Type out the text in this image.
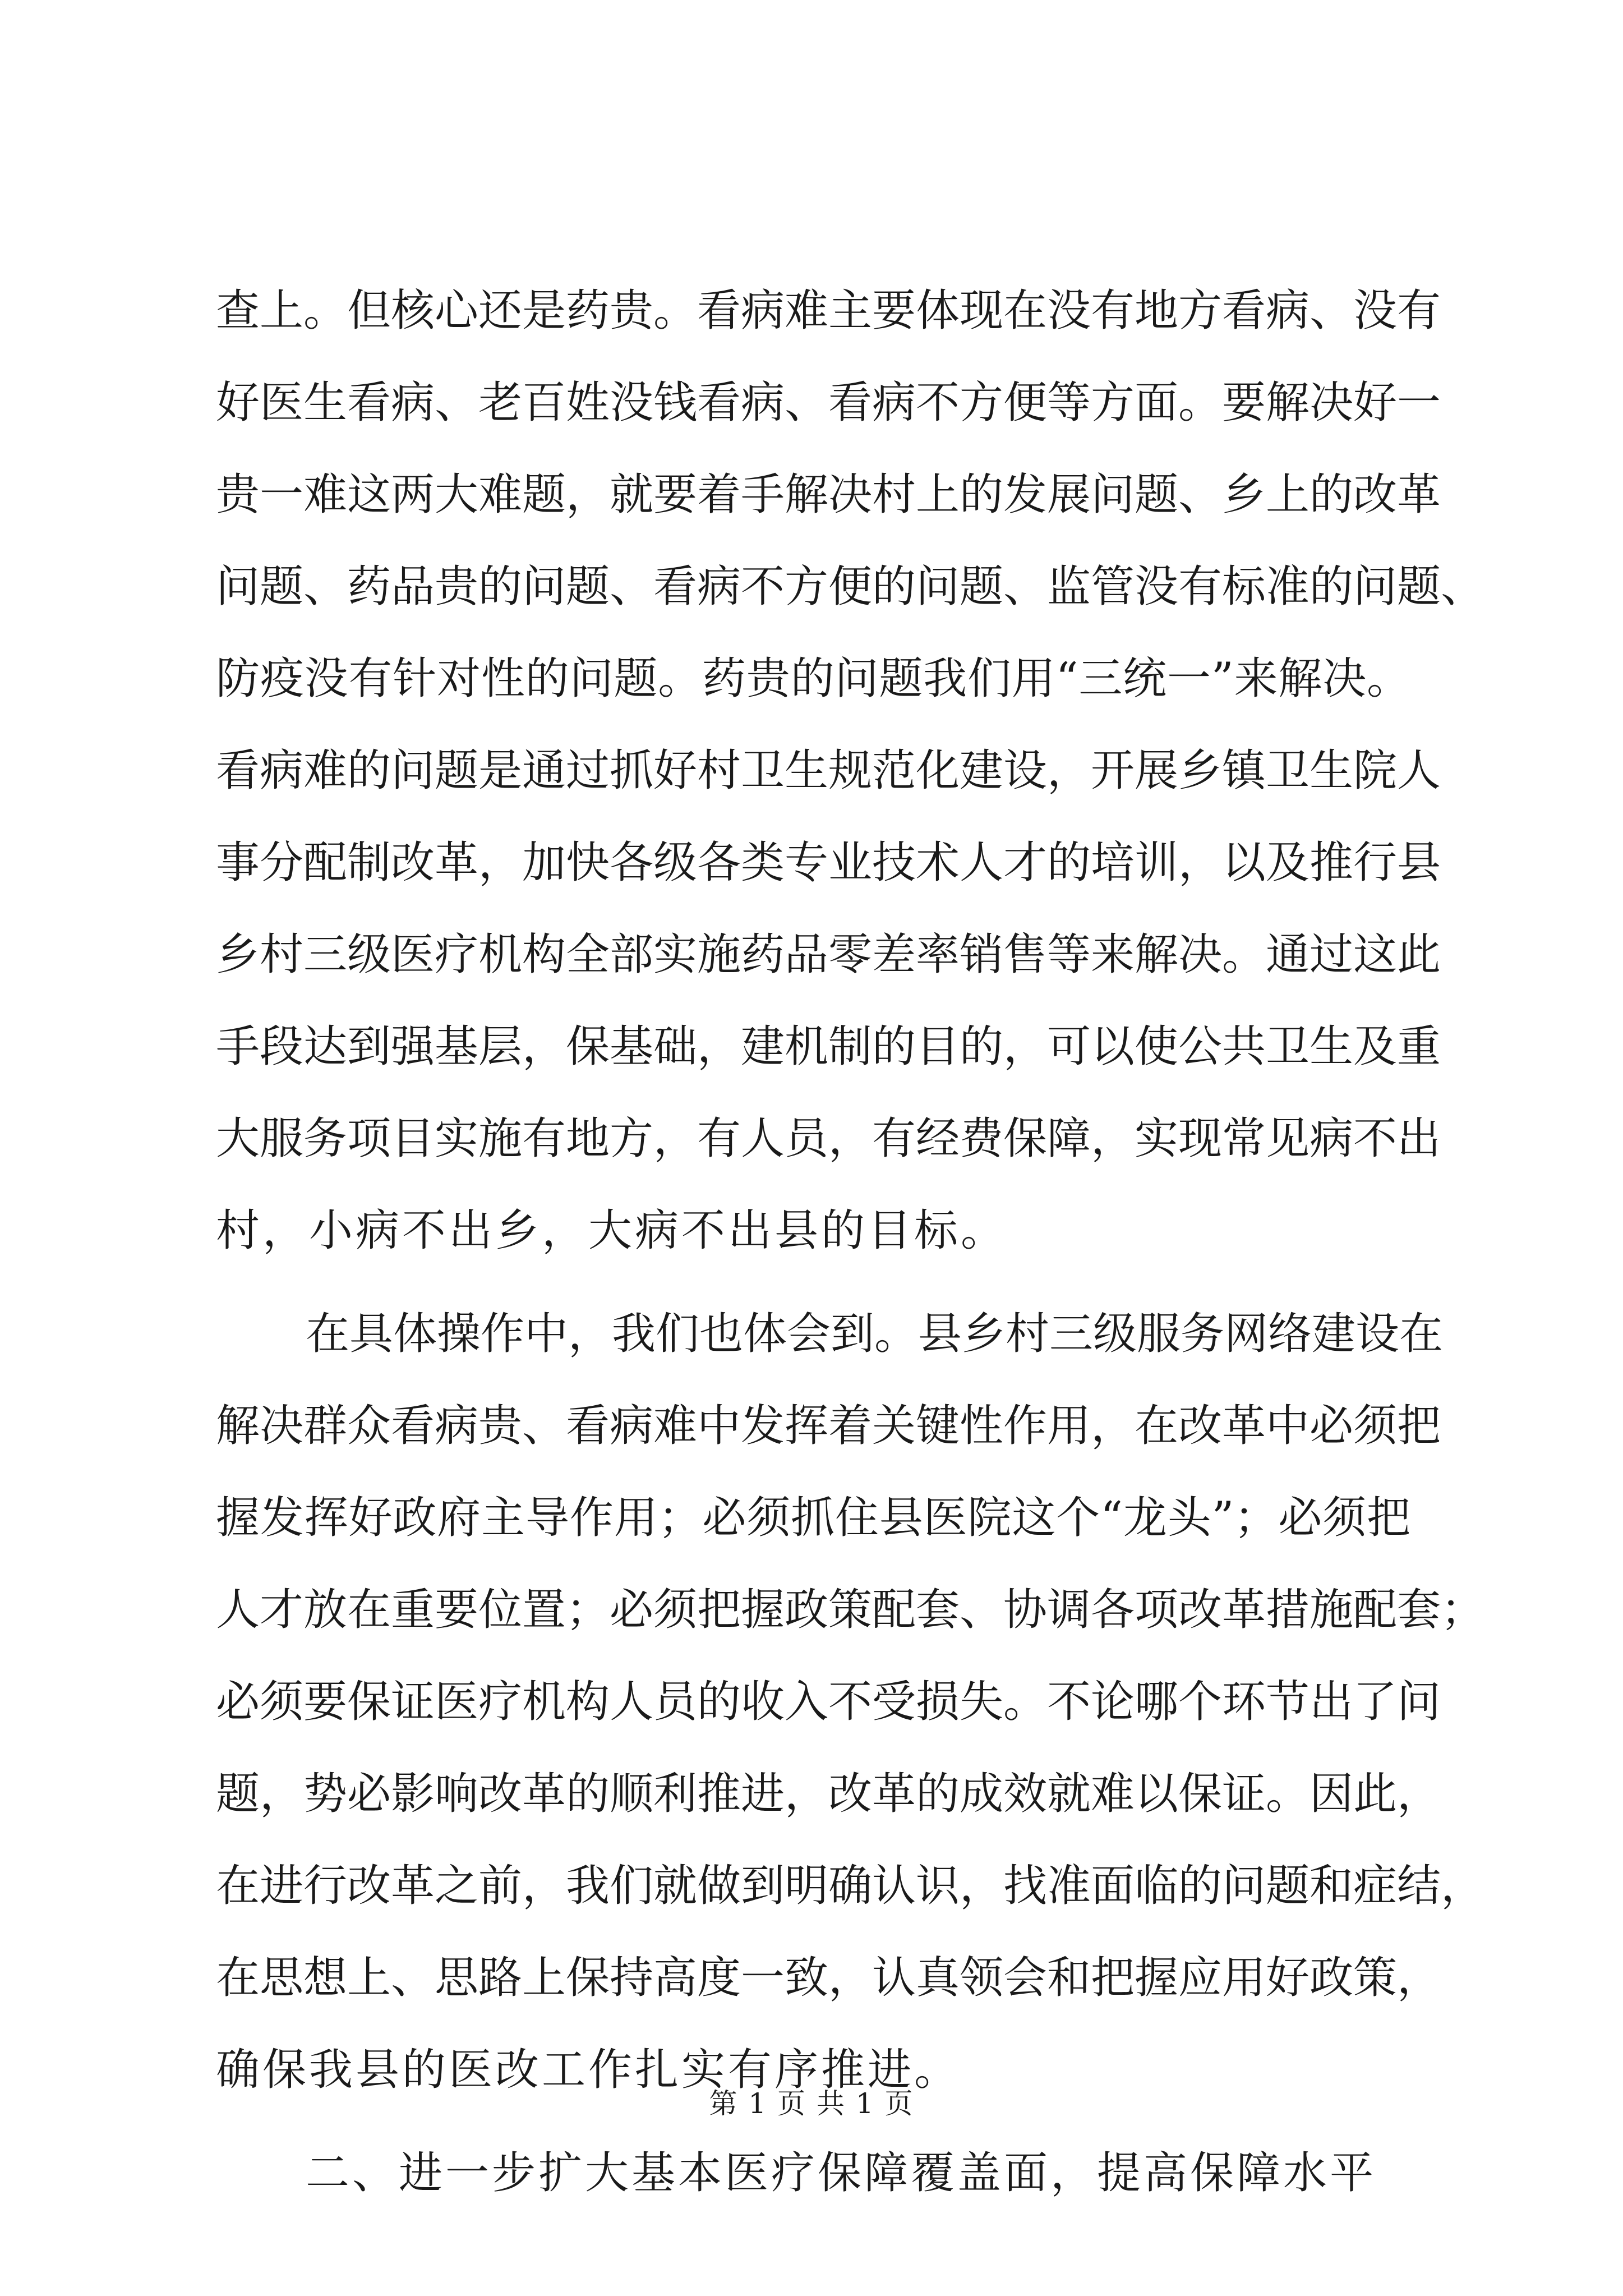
查上。但核心还是药贵。看病难主要体现在没有地方看病、没有
好医生看病、老百姓没钱看病、看病不方便等方面。要解决好一
贵一难这两大难题，就要着手解决村上的发展问题、乡上的改革
问题、药品贵的问题、看病不方便的问题、监管没有标准的问题、
防疫没有针对性的问题。药贵的问题我们用“三统一”来解决。
看病难的问题是通过抓好村卫生规范化建设，开展乡镇卫生院人
事分配制改革，加快各级各类专业技术人才的培训，以及推行县
乡村三级医疗机构全部实施药品零差率销售等来解决。通过这此
手段达到强基层，保基础，建机制的目的，可以使公共卫生及重
大服务项目实施有地方，有人员，有经费保障，实现常见病不出
村，小病不出乡，大病不出县的目标。
在具体操作中，我们也体会到。县乡村三级服务网络建设在
解决群众看病贵、看病难中发挥着关键性作用，在改革中必须把
握发挥好政府主导作用；必须抓住县医院这个“龙头”；必须把
人才放在重要位置；必须把握政策配套、协调各项改革措施配套；
必须要保证医疗机构人员的收入不受损失。不论哪个环节出了问
题，势必影响改革的顺利推进，改革的成效就难以保证。因此，
在进行改革之前，我们就做到明确认识，找准面临的问题和症结，
在思想上、思路上保持高度一致，认真领会和把握应用好政策，
确保我县的医改工作扎实有序推进。
二、进一步扩大基本医疗保障覆盖面，提高保障水平
第 1 页 共 1 页
